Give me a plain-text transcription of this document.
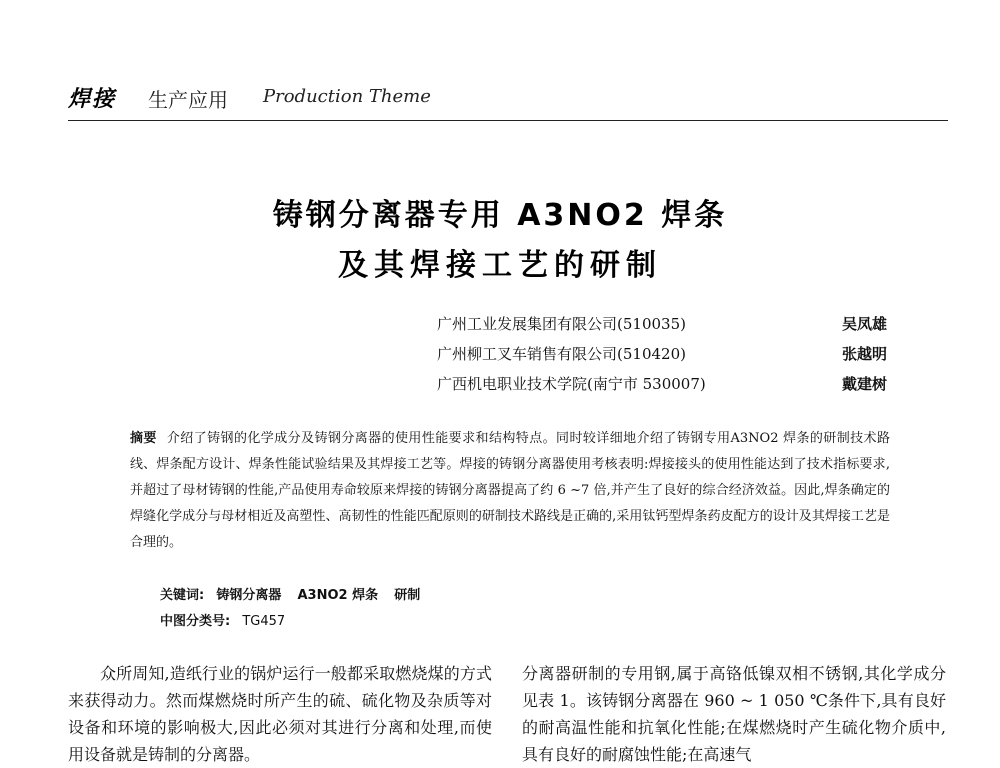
焊接 生产应用 Production Theme
铸钢分离器专用 A3NO2 焊条
及其焊接工艺的研制
广州工业发展集团有限公司(510035)	吴凤雄
广州柳工叉车销售有限公司(510420)	张越明
广西机电职业技术学院(南宁市 530007)	戴建树
摘要 介绍了铸钢的化学成分及铸钢分离器的使用性能要求和结构特点。同时较详细地介绍了铸钢专用A3NO2 焊条的研制技术路线、焊条配方设计、焊条性能试验结果及其焊接工艺等。焊接的铸钢分离器使用考核表明:焊接接头的使用性能达到了技术指标要求,并超过了母材铸钢的性能,产品使用寿命较原来焊接的铸钢分离器提高了约 6 ~7 倍,并产生了良好的综合经济效益。因此,焊条确定的焊缝化学成分与母材相近及高塑性、高韧性的性能匹配原则的研制技术路线是正确的,采用钛钙型焊条药皮配方的设计及其焊接工艺是合理的。
关键词: 铸钢分离器 A3NO2 焊条 研制
中图分类号: TG457
众所周知,造纸行业的锅炉运行一般都采取燃烧煤的方式来获得动力。然而煤燃烧时所产生的硫、硫化物及杂质等对设备和环境的影响极大,因此必须对其进行分离和处理,而使用设备就是铸制的分离器。
分离器研制的专用钢,属于高铬低镍双相不锈钢,其化学成分见表 1。该铸钢分离器在 960 ~ 1 050 ℃条件下,具有良好的耐高温性能和抗氧化性能;在煤燃烧时产生硫化物介质中,具有良好的耐腐蚀性能;在高速气
